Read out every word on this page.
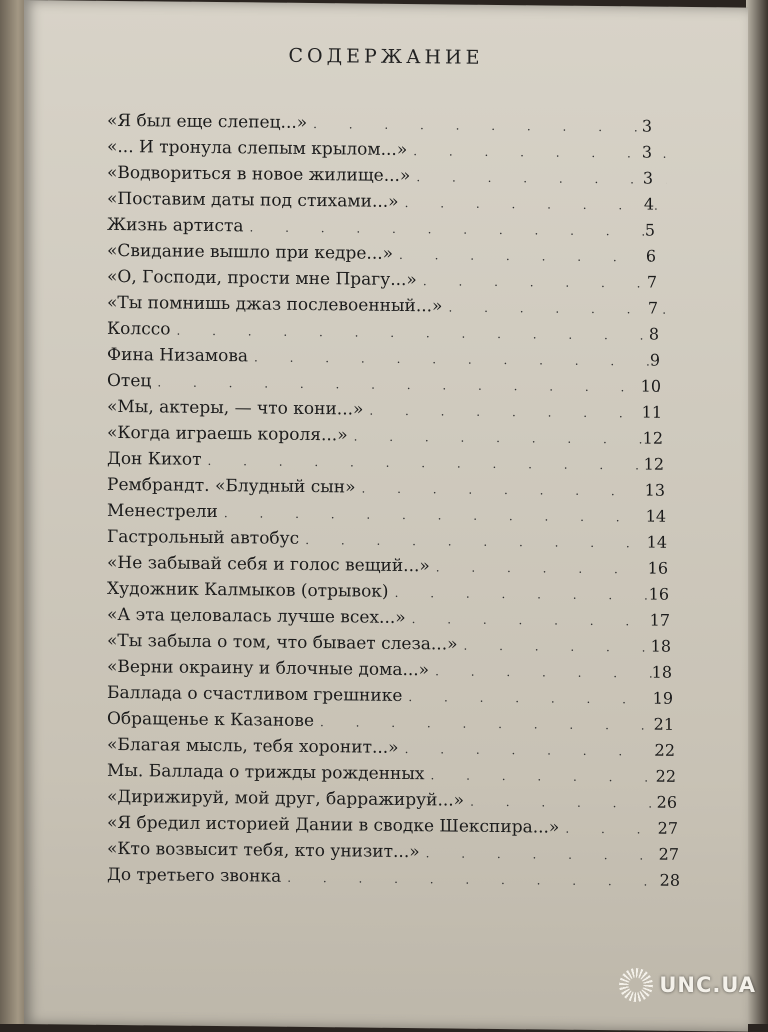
СОДЕРЖАНИЕ
«Я был еще слепец...» . . .	3
«... И тронула слепым крылом...» . . .	3
«Водвориться в новое жилище...» . . .	3
«Поставим даты под стихами...» . . .	4
Жизнь артиста . . .	5
«Свидание вышло при кедре...» . . .	6
«О, Господи, прости мне Прагу...» . . .	7
«Ты помнишь джаз послевоенный...» . . .	7
Колссо . . .	8
Фина Низамова . . .	9
Отец . . .	10
«Мы, актеры, — что кони...» . . .	11
«Когда играешь короля...» . . .	12
Дон Кихот . . .	12
Рембрандт. «Блудный сын» . . .	13
Менестрели . . .	14
Гастрольный автобус . . .	14
«Не забывай себя и голос вещий...» . . .	16
Художник Калмыков (отрывок) . . .	16
«А эта целовалась лучше всех...» . . .	17
«Ты забыла о том, что бывает слеза...» . . .	18
«Верни окраину и блочные дома...» . . .	18
Баллада о счастливом грешнике . . .	19
Обращенье к Казанове . . .	21
«Благая мысль, тебя хоронит...» . . .	22
Мы. Баллада о трижды рожденных . . .	22
«Дирижируй, мой друг, барражируй...» . . .	26
«Я бредил историей Дании в сводке Шекспира...» . . .	27
«Кто возвысит тебя, кто унизит...» . . .	27
До третьего звонка . . .	28
UNC.UA
